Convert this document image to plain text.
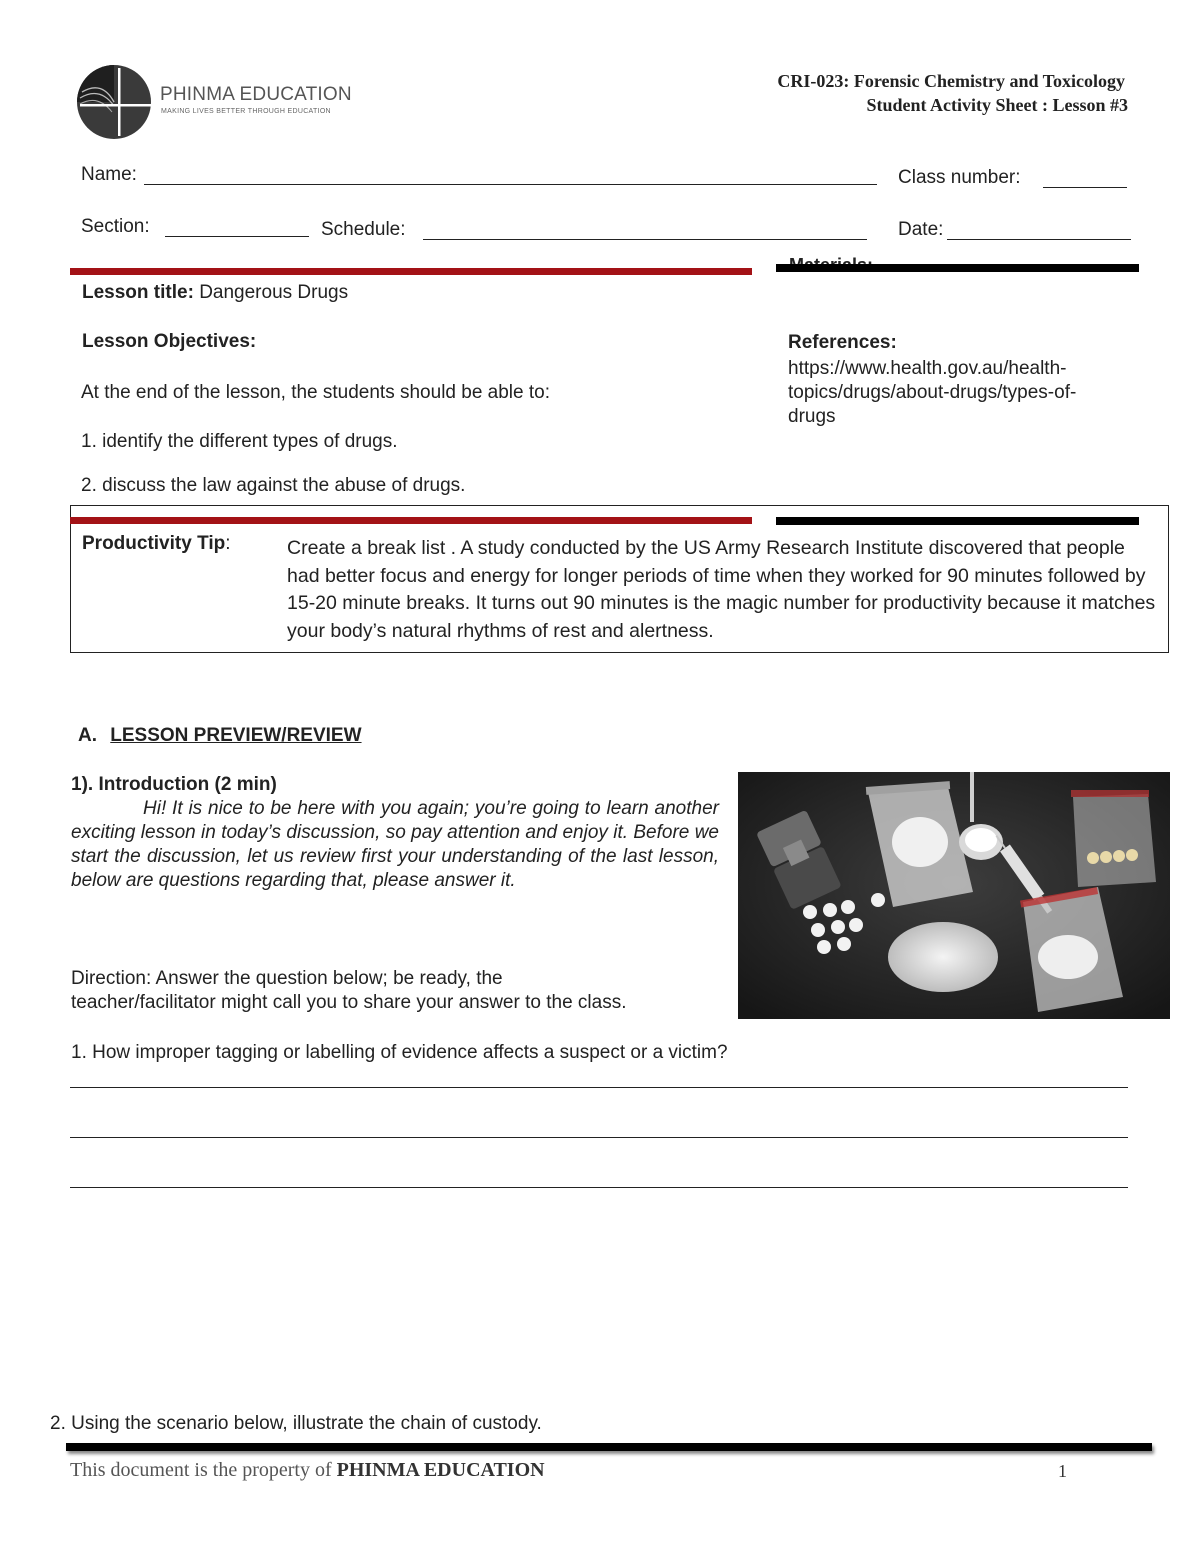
PHINMA EDUCATION
MAKING LIVES BETTER THROUGH EDUCATION
CRI-023: Forensic Chemistry and Toxicology
Student Activity Sheet : Lesson #3
Name:	Class number:
Section:	Schedule:	Date:
Lesson title: Dangerous Drugs
Lesson Objectives:
At the end of the lesson, the students should be able to:
1. identify the different types of drugs.
2. discuss the law against the abuse of drugs.
References:
https://www.health.gov.au/health-
topics/drugs/about-drugs/types-of-
drugs
Productivity Tip:	Create a break list . A study conducted by the US Army Research Institute discovered that people had better focus and energy for longer periods of time when they worked for 90 minutes followed by 15-20 minute breaks. It turns out 90 minutes is the magic number for productivity because it matches your body’s natural rhythms of rest and alertness.
A. LESSON PREVIEW/REVIEW
1). Introduction (2 min)
Hi! It is nice to be here with you again; you’re going to learn another exciting lesson in today’s discussion, so pay attention and enjoy it. Before we start the discussion, let us review first your understanding of the last lesson, below are questions regarding that, please answer it.
Direction: Answer the question below; be ready, the
teacher/facilitator might call you to share your answer to the class.
1. How improper tagging or labelling of evidence affects a suspect or a victim?
2. Using the scenario below, illustrate the chain of custody.
This document is the property of PHINMA EDUCATION	1
